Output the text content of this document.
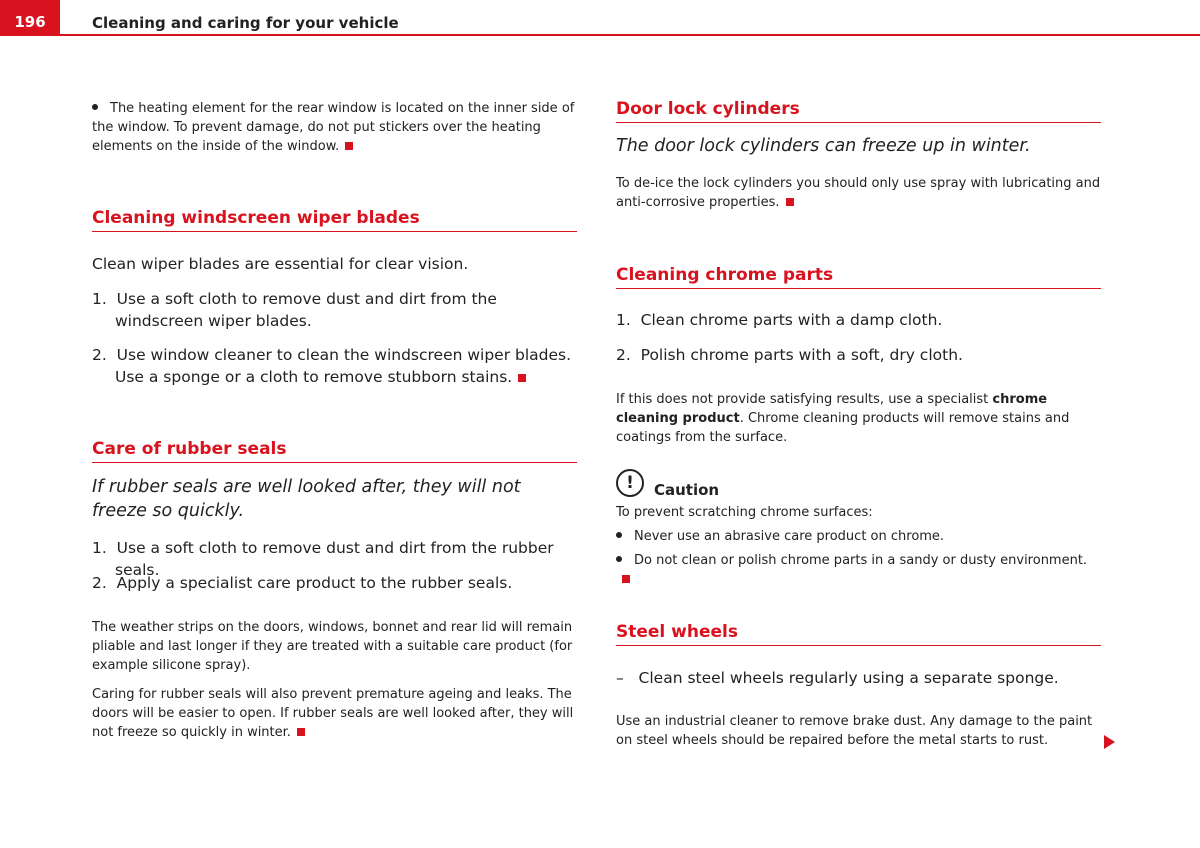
196	Cleaning and caring for your vehicle

The heating element for the rear window is located on the inner side of the window. To prevent damage, do not put stickers over the heating elements on the inside of the window.

Cleaning windscreen wiper blades

Clean wiper blades are essential for clear vision.

1. Use a soft cloth to remove dust and dirt from the windscreen wiper blades.

2. Use window cleaner to clean the windscreen wiper blades. Use a sponge or a cloth to remove stubborn stains.

Care of rubber seals

If rubber seals are well looked after, they will not freeze so quickly.

1. Use a soft cloth to remove dust and dirt from the rubber seals.

2. Apply a specialist care product to the rubber seals.

The weather strips on the doors, windows, bonnet and rear lid will remain pliable and last longer if they are treated with a suitable care product (for example silicone spray).

Caring for rubber seals will also prevent premature ageing and leaks. The doors will be easier to open. If rubber seals are well looked after, they will not freeze so quickly in winter.

Door lock cylinders

The door lock cylinders can freeze up in winter.

To de-ice the lock cylinders you should only use spray with lubricating and anti-corrosive properties.

Cleaning chrome parts

1. Clean chrome parts with a damp cloth.

2. Polish chrome parts with a soft, dry cloth.

If this does not provide satisfying results, use a specialist chrome cleaning product. Chrome cleaning products will remove stains and coatings from the surface.

!	Caution

To prevent scratching chrome surfaces:

Never use an abrasive care product on chrome.

Do not clean or polish chrome parts in a sandy or dusty environment.

Steel wheels

– Clean steel wheels regularly using a separate sponge.

Use an industrial cleaner to remove brake dust. Any damage to the paint on steel wheels should be repaired before the metal starts to rust.
